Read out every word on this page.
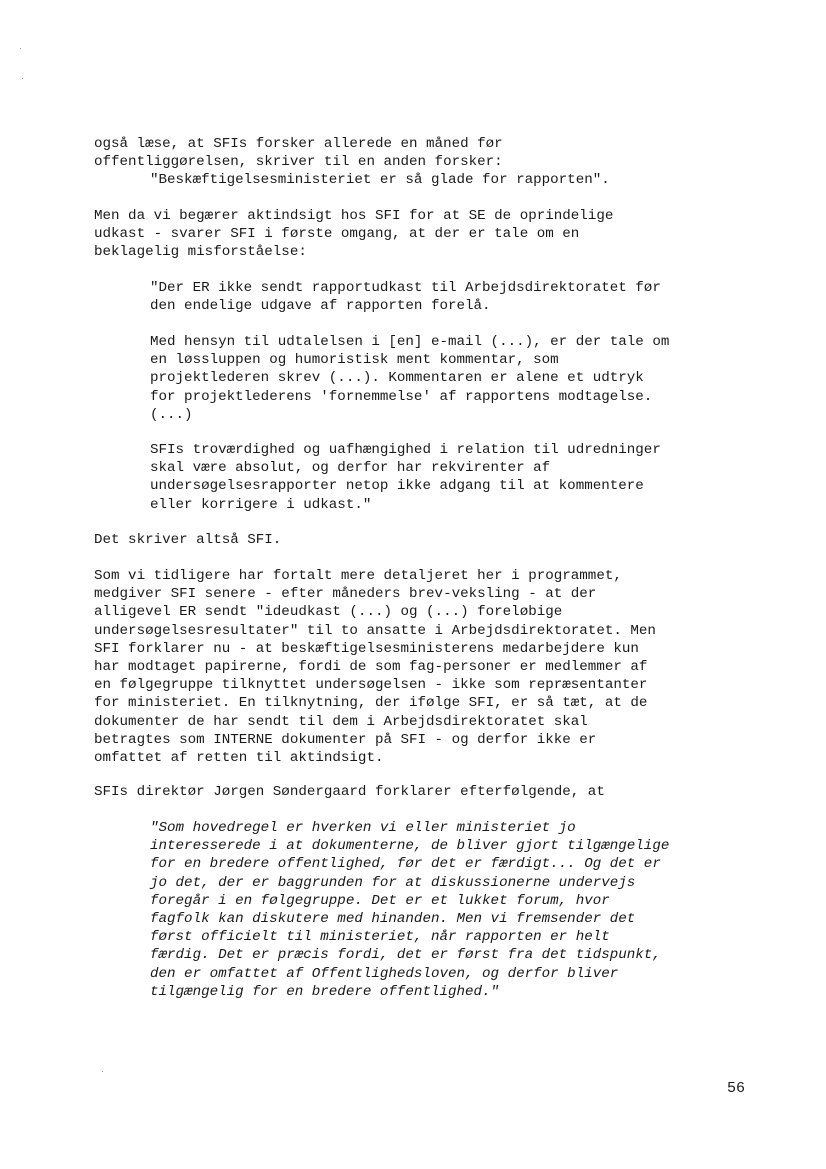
også læse, at SFIs forsker allerede en måned før
offentliggørelsen, skriver til en anden forsker:

"Beskæftigelsesministeriet er så glade for rapporten".

Men da vi begærer aktindsigt hos SFI for at SE de oprindelige
udkast - svarer SFI i første omgang, at der er tale om en
beklagelig misforståelse:

"Der ER ikke sendt rapportudkast til Arbejdsdirektoratet før
den endelige udgave af rapporten forelå.

Med hensyn til udtalelsen i [en] e-mail (...), er der tale om
en løssluppen og humoristisk ment kommentar, som
projektlederen skrev (...). Kommentaren er alene et udtryk
for projektlederens 'fornemmelse' af rapportens modtagelse.
(...)

SFIs troværdighed og uafhængighed i relation til udredninger
skal være absolut, og derfor har rekvirenter af
undersøgelsesrapporter netop ikke adgang til at kommentere
eller korrigere i udkast."

Det skriver altså SFI.

Som vi tidligere har fortalt mere detaljeret her i programmet,
medgiver SFI senere - efter måneders brev-veksling - at der
alligevel ER sendt "ideudkast (...) og (...) foreløbige
undersøgelsesresultater" til to ansatte i Arbejdsdirektoratet. Men
SFI forklarer nu - at beskæftigelsesministerens medarbejdere kun
har modtaget papirerne, fordi de som fag-personer er medlemmer af
en følgegruppe tilknyttet undersøgelsen - ikke som repræsentanter
for ministeriet. En tilknytning, der ifølge SFI, er så tæt, at de
dokumenter de har sendt til dem i Arbejdsdirektoratet skal
betragtes som INTERNE dokumenter på SFI - og derfor ikke er
omfattet af retten til aktindsigt.

SFIs direktør Jørgen Søndergaard forklarer efterfølgende, at

"Som hovedregel er hverken vi eller ministeriet jo
interesserede i at dokumenterne, de bliver gjort tilgængelige
for en bredere offentlighed, før det er færdigt... Og det er
jo det, der er baggrunden for at diskussionerne undervejs
foregår i en følgegruppe. Det er et lukket forum, hvor
fagfolk kan diskutere med hinanden. Men vi fremsender det
først officielt til ministeriet, når rapporten er helt
færdig. Det er præcis fordi, det er først fra det tidspunkt,
den er omfattet af Offentlighedsloven, og derfor bliver
tilgængelig for en bredere offentlighed."

56
